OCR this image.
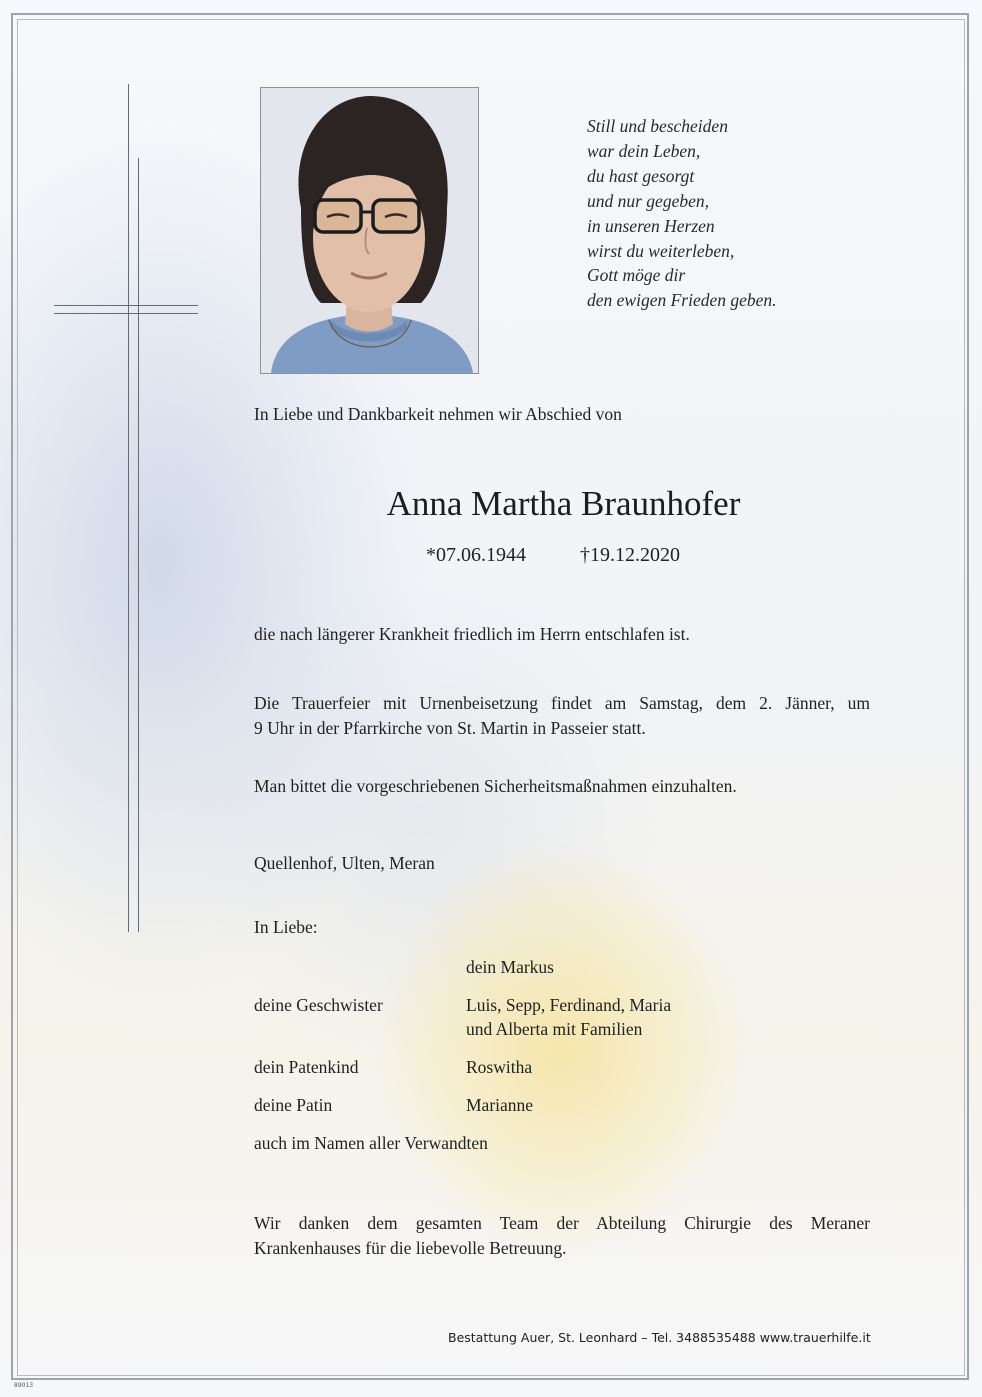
Still und bescheiden
war dein Leben,
du hast gesorgt
und nur gegeben,
in unseren Herzen
wirst du weiterleben,
Gott möge dir
den ewigen Frieden geben.
In Liebe und Dankbarkeit nehmen wir Abschied von
Anna Martha Braunhofer
*07.06.1944	†19.12.2020
die nach längerer Krankheit friedlich im Herrn entschlafen ist.
Die Trauerfeier mit Urnenbeisetzung findet am Samstag, dem 2. Jänner, um
9 Uhr in der Pfarrkirche von St. Martin in Passeier statt.
Man bittet die vorgeschriebenen Sicherheitsmaßnahmen einzuhalten.
Quellenhof, Ulten, Meran
In Liebe:
dein Markus
deine Geschwister	Luis, Sepp, Ferdinand, Maria
und Alberta mit Familien
dein Patenkind	Roswitha
deine Patin	Marianne
auch im Namen aller Verwandten
Wir danken dem gesamten Team der Abteilung Chirurgie des Meraner
Krankenhauses für die liebevolle Betreuung.
Bestattung Auer, St. Leonhard – Tel. 3488535488 www.trauerhilfe.it
89013
